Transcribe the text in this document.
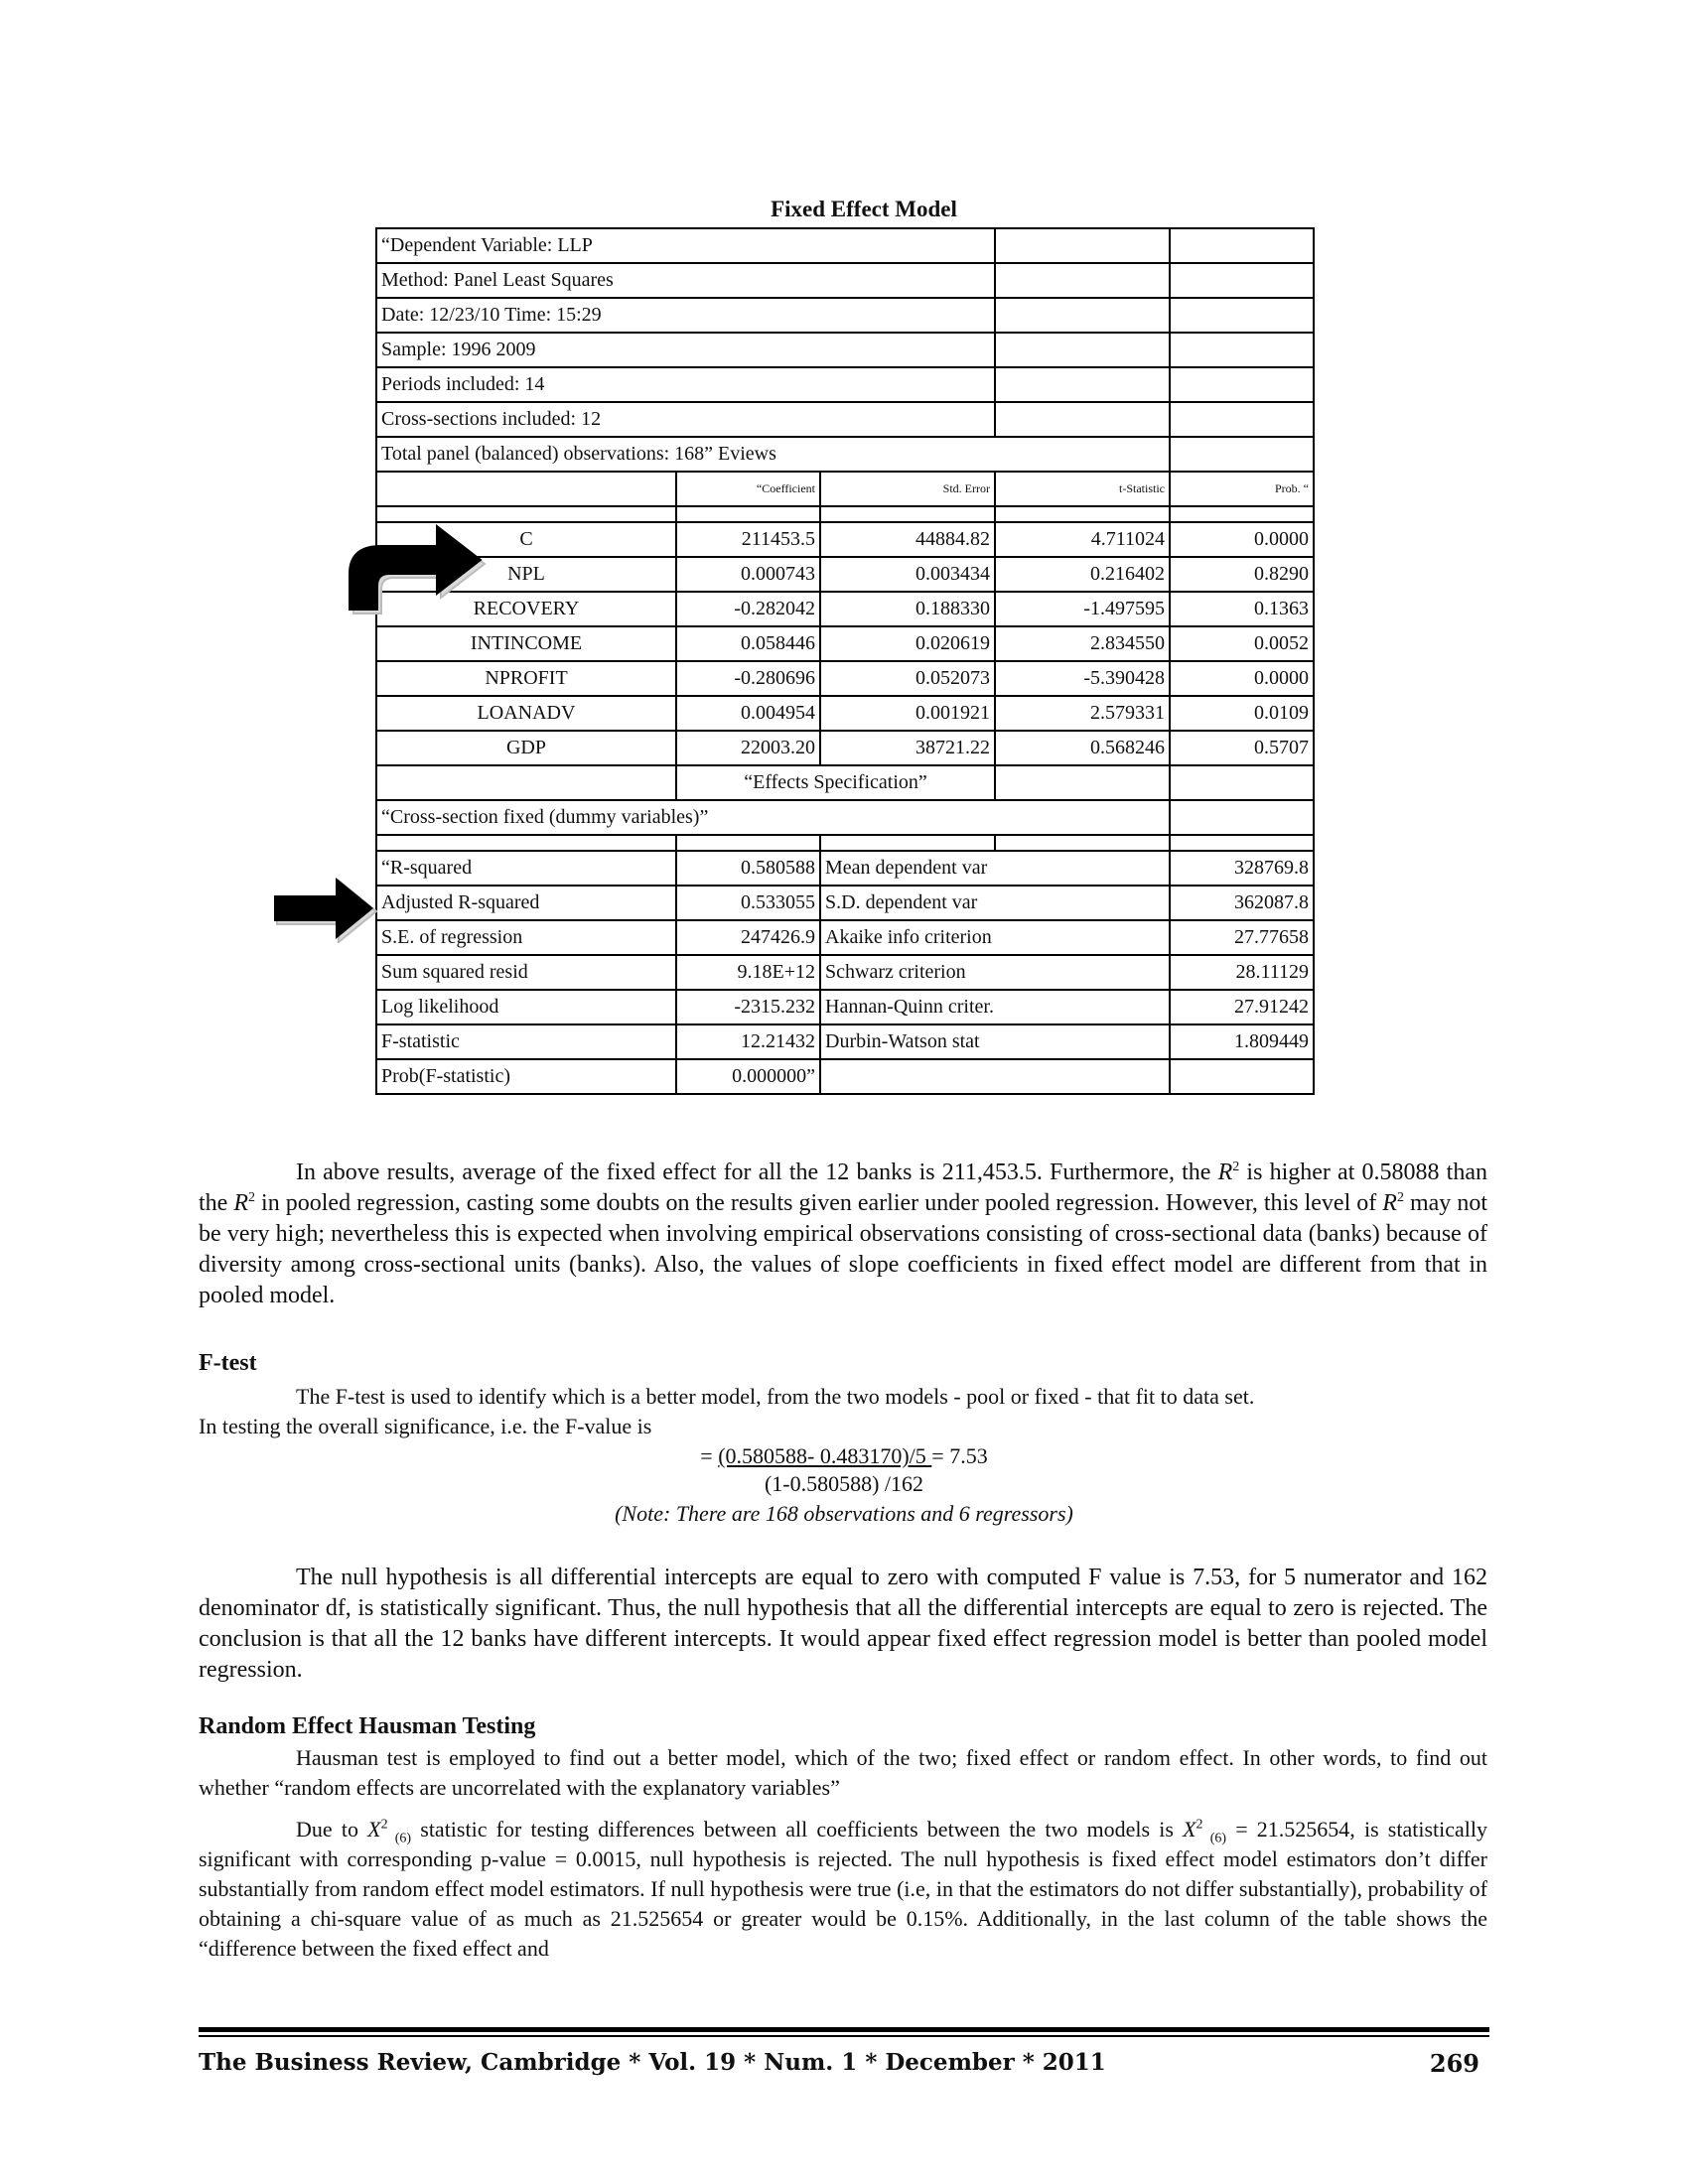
Fixed Effect Model
“Dependent Variable: LLP				
Method: Panel Least Squares				
Date: 12/23/10 Time: 15:29				
Sample: 1996 2009				
Periods included: 14				
Cross-sections included: 12				
Total panel (balanced) observations: 168” Eviews				
	“Coefficient	Std. Error	t-Statistic	Prob. “

C	211453.5	44884.82	4.711024	0.0000
NPL	0.000743	0.003434	0.216402	0.8290
RECOVERY	-0.282042	0.188330	-1.497595	0.1363
INTINCOME	0.058446	0.020619	2.834550	0.0052
NPROFIT	-0.280696	0.052073	-5.390428	0.0000
LOANADV	0.004954	0.001921	2.579331	0.0109
GDP	22003.20	38721.22	0.568246	0.5707
	“Effects Specification”			
“Cross-section fixed (dummy variables)”				

“R-squared	0.580588	Mean dependent var		328769.8
Adjusted R-squared	0.533055	S.D. dependent var		362087.8
S.E. of regression	247426.9	Akaike info criterion		27.77658
Sum squared resid	9.18E+12	Schwarz criterion		28.11129
Log likelihood	-2315.232	Hannan-Quinn criter.		27.91242
F-statistic	12.21432	Durbin-Watson stat		1.809449
Prob(F-statistic)	0.000000”			

In above results, average of the fixed effect for all the 12 banks is 211,453.5. Furthermore, the $R^2$ is higher at 0.58088 than the $R^2$ in pooled regression, casting some doubts on the results given earlier under pooled regression. However, this level of $R^2$ may not be very high; nevertheless this is expected when involving empirical observations consisting of cross-sectional data (banks) because of diversity among cross-sectional units (banks). Also, the values of slope coefficients in fixed effect model are different from that in pooled model.

F-test

The F-test is used to identify which is a better model, from the two models - pool or fixed - that fit to data set.

In testing the overall significance, i.e. the F-value is

= (0.580588- 0.483170)/5 = 7.53

(1-0.580588) /162

(Note: There are 168 observations and 6 regressors)

The null hypothesis is all differential intercepts are equal to zero with computed F value is 7.53, for 5 numerator and 162 denominator df, is statistically significant. Thus, the null hypothesis that all the differential intercepts are equal to zero is rejected. The conclusion is that all the 12 banks have different intercepts. It would appear fixed effect regression model is better than pooled model regression.

Random Effect Hausman Testing

Hausman test is employed to find out a better model, which of the two; fixed effect or random effect. In other words, to find out whether “random effects are uncorrelated with the explanatory variables”

Due to $X^2$ $_{(6)}$ statistic for testing differences between all coefficients between the two models is $X^2$ $_{(6)}$ = 21.525654, is statistically significant with corresponding p-value = 0.0015, null hypothesis is rejected. The null hypothesis is fixed effect model estimators don’t differ substantially from random effect model estimators. If null hypothesis were true (i.e, in that the estimators do not differ substantially), probability of obtaining a chi-square value of as much as 21.525654 or greater would be 0.15%. Additionally, in the last column of the table shows the “difference between the fixed effect and

The Business Review, Cambridge * Vol. 19 * Num. 1 * December * 2011	269
